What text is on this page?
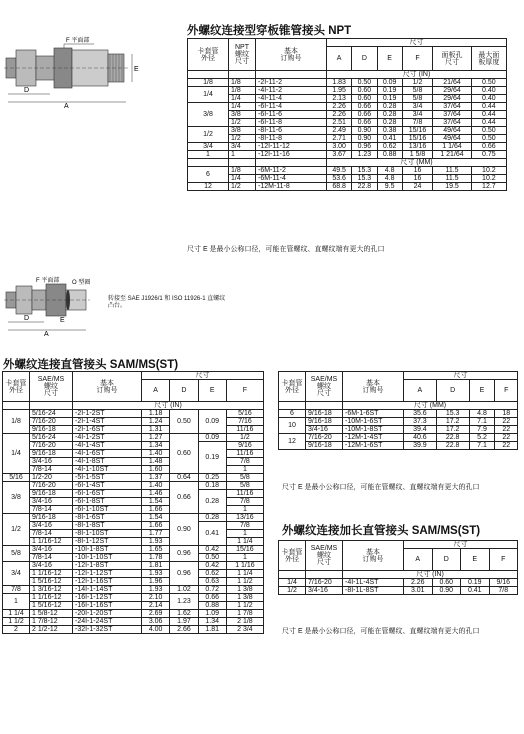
外螺纹连接型穿板锥管接头 NPT
F 平面部
E
D
A
卡套管
外径	NPT
螺纹
尺寸	基本
订购号	尺寸					
			A	D	E	F	面板孔
尺寸	最大面
板厚度
			尺寸 (IN)					
1/8	1/8	-2I-11-2	1.83	0.50	0.09	1/2	21/64	0.50
1/4	1/8	-4I-11-2	1.95	0.60	0.19	5/8	29/64	0.40
	1/4	-4I-11-4	2.13	0.60	0.19	5/8	29/64	0.40
3/8	1/4	-6I-11-4	2.26	0.66	0.28	3/4	37/64	0.44
	3/8	-6I-11-6	2.26	0.66	0.28	3/4	37/64	0.44
	1/2	-6I-11-8	2.51	0.66	0.28	7/8	37/64	0.44
1/2	3/8	-8I-11-6	2.49	0.90	0.38	15/16	49/64	0.50
	1/2	-8I-11-8	2.71	0.90	0.41	15/16	49/64	0.50
3/4	3/4	-12I-11-12	3.00	0.96	0.62	13/16	1 1/64	0.66
1	1	-12I-11-16	3.67	1.23	0.88	1 5/8	1 21/64	0.75
			尺寸 (MM)					
6	1/8	-6M-11-2	49.5	15.3	4.8	16	11.5	10.2
	1/4	-6M-11-4	53.6	15.3	4.8	16	11.5	10.2
12	1/2	-12M-11-8	68.8	22.8	9.5	24	19.5	12.7
尺寸 E 是最小公称口径，可能在管螺纹、直螺纹端有更大的孔口
F 平面部 O 型圈
D
A
E
转接至 SAE J1926/1 和 ISO 11926-1 直螺纹
凸台。
外螺纹连接直管接头 SAM/MS(ST)
卡套管
外径	SAE/MS
螺纹
尺寸	基本
订购号	尺寸			
			A	D	E	F
		尺寸 (IN)				
1/8	5/16-24	-2I-1-2ST	1.18	0.50	0.09	5/16
	7/16-20	-2I-1-4ST	1.24			7/16
	9/16-18	-2I-1-6ST	1.31			11/16
1/4	5/16-24	-4I-1-2ST	1.27	0.60	0.09	1/2
	7/16-20	-4I-1-4ST	1.34		0.19	9/16
	9/16-18	-4I-1-6ST	1.40			11/16
	3/4-16	-4I-1-8ST	1.48			7/8
	7/8-14	-4I-1-10ST	1.60			1
5/16	1/2-20	-5I-1-5ST	1.37	0.64	0.25	5/8
3/8	7/16-20	-6I-1-4ST	1.40	0.66	0.18	5/8
	9/16-18	-6I-1-6ST	1.46		0.28	11/16
	3/4-16	-6I-1-8ST	1.54			7/8
	7/8-14	-6I-1-10ST	1.66			1
1/2	9/16-18	-8I-1-6ST	1.54	0.90	0.28	13/16
	3/4-16	-8I-1-8ST	1.66		0.41	7/8
	7/8-14	-8I-1-10ST	1.77			1
	1 1/16-12	-8I-1-12ST	1.93			1 1/4
5/8	3/4-16	-10I-1-8ST	1.65	0.96	0.42	15/16
	7/8-14	-10I-1-10ST	1.78		0.50	1
3/4	3/4-16	-12I-1-8ST	1.81	0.96	0.42	1 1/16
	1 1/16-12	-12I-1-12ST	1.93		0.62	1 1/4
	1 5/16-12	-12I-1-16ST	1.96		0.63	1 1/2
7/8	1 3/16-12	-14I-1-14ST	1.93	1.02	0.72	1 3/8
1	1 1/16-12	-16I-1-12ST	2.10	1.23	0.66	1 3/8
	1 5/16-12	-16I-1-16ST	2.14		0.88	1 1/2
1 1/4	1 5/8-12	-20I-1-20ST	2.69	1.62	1.09	1 7/8
1 1/2	1 7/8-12	-24I-1-24ST	3.06	1.97	1.34	2 1/8
2	2 1/2-12	-32I-1-32ST	4.00	2.66	1.81	2 3/4
卡套管
外径	SAE/MS
螺纹
尺寸	基本
订购号	尺寸			
			A	D	E	F
		尺寸 (MM)				
6	9/16-18	-6M-1-6ST	35.6	15.3	4.8	18
10	9/16-18	-10M-1-6ST	37.3	17.2	7.1	22
	3/4-16	-10M-1-8ST	39.4	17.2	7.9	22
12	7/16-20	-12M-1-4ST	40.6	22.8	5.2	22
	9/16-18	-12M-1-6ST	39.9	22.8	7.1	22
尺寸 E 是最小公称口径，可能在管螺纹、直螺纹端有更大的孔口
外螺纹连接加长直管接头 SAM/MS(ST)
卡套管
外径	SAE/MS
螺纹
尺寸	基本
订购号	尺寸			
			A	D	E	F
		尺寸 (IN)				
1/4	7/16-20	-4I-1L-4ST	2.26	0.60	0.19	9/16
1/2	3/4-16	-8I-1L-8ST	3.01	0.90	0.41	7/8
尺寸 E 是最小公称口径，可能在管螺纹、直螺纹端有更大的孔口
